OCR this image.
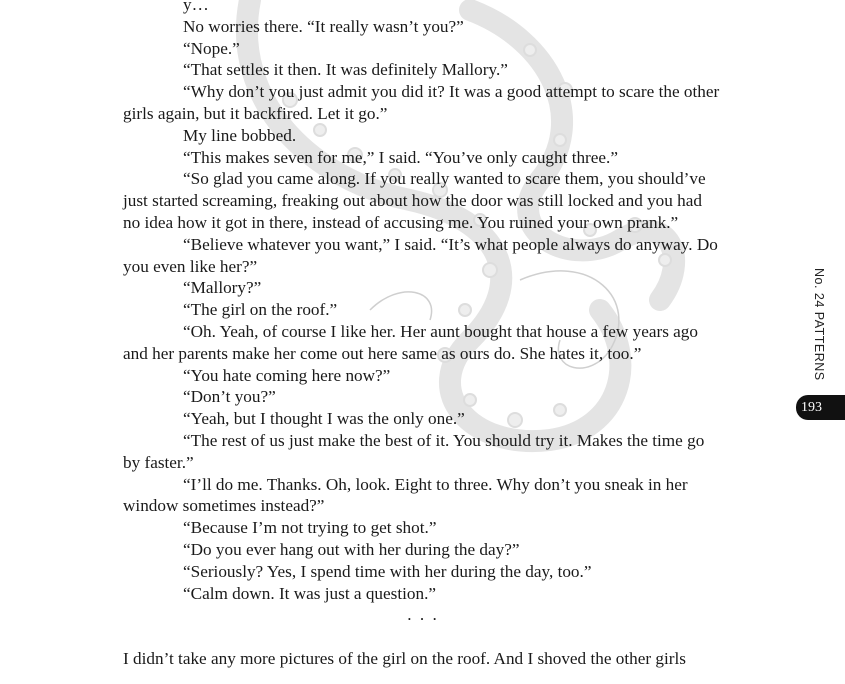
y…

No worries there. “It really wasn’t you?”

“Nope.”

“That settles it then. It was definitely Mallory.”

“Why don’t you just admit you did it? It was a good attempt to scare the other girls again, but it backfired. Let it go.”

My line bobbed.

“This makes seven for me,” I said. “You’ve only caught three.”

“So glad you came along. If you really wanted to scare them, you should’ve just started screaming, freaking out about how the door was still locked and you had no idea how it got in there, instead of accusing me. You ruined your own prank.”

“Believe whatever you want,” I said. “It’s what people always do anyway. Do you even like her?”

“Mallory?”

“The girl on the roof.”

“Oh. Yeah, of course I like her. Her aunt bought that house a few years ago and her parents make her come out here same as ours do. She hates it, too.”

“You hate coming here now?”

“Don’t you?”

“Yeah, but I thought I was the only one.”

“The rest of us just make the best of it. You should try it. Makes the time go by faster.”

“I’ll do me. Thanks. Oh, look. Eight to three. Why don’t you sneak in her window sometimes instead?”

“Because I’m not trying to get shot.”

“Do you ever hang out with her during the day?”

“Seriously? Yes, I spend time with her during the day, too.”

“Calm down. It was just a question.”

. . .

I didn’t take any more pictures of the girl on the roof. And I shoved the other girls

No. 24 PATTERNS
193
